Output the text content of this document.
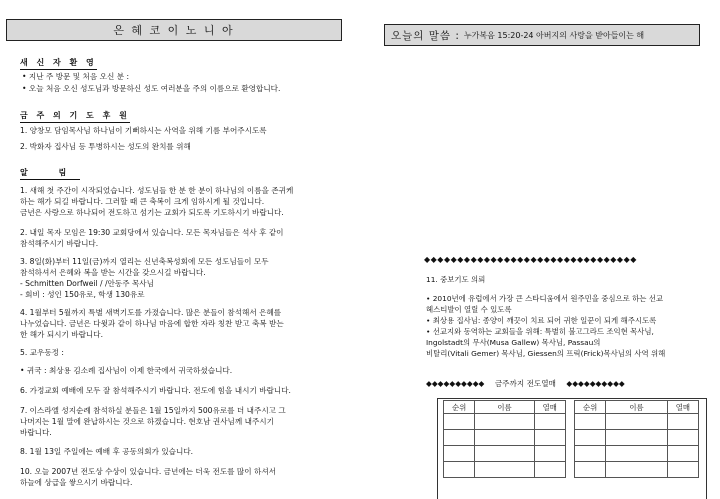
은 혜 코 이 노 니 아
새 신 자 환 영
• 지난 주 방문 및 처음 오신 분 :
• 오늘 처음 오신 성도님과 방문하신 성도 여러분을 주의 이름으로 환영합니다.
금 주 의 기 도 후 원
1. 양창모 담임목사님 하나님이 기뻐하시는 사역을 위해 기름 부어주시도록
2. 박화자 집사님 등 투병하시는 성도의 완치를 위해
알 림
1. 새해 첫 주간이 시작되었습니다. 성도님들 한 분 한 분이 하나님의 이름을 존귀케
하는 해가 되길 바랍니다. 그러할 때 큰 축복이 크게 임하시게 될 것입니다.
금년은 사랑으로 하나되어 전도하고 섬기는 교회가 되도록 기도하시기 바랍니다.
2. 내일 목자 모임은 19:30 교회당에서 있습니다. 모든 목자님들은 석사 후 같이
참석해주시기 바랍니다.
3. 8일(화)부터 11일(금)까지 열리는 신년축복성회에 모든 성도님들이 모두
참석하셔서 은혜와 복을 받는 시간을 갖으시길 바랍니다.
- Schmitten Dorfweil / /안동주 목사님
- 회비 : 성인 150유로, 학생 130유로
4. 1월부터 5월까지 특별 새벽기도를 가졌습니다. 많은 분들이 참석해서 은혜를
나누었습니다. 금년은 다윗과 같이 하나님 마음에 합한 자라 칭찬 받고 축복 받는
한 해가 되시기 바랍니다.
5. 교우동정 :
• 귀국 : 최상용 김소례 집사님이 이제 한국에서 귀국하셨습니다.
6. 가정교회 예배에 모두 잘 참석해주시기 바랍니다. 전도에 힘을 내시기 바랍니다.
7. 이스라엘 성지순례 참석하실 분들은 1월 15일까지 500유로를 더 내주시고 그
나머지는 1월 말에 완납하시는 것으로 하겠습니다. 현호남 권사님께 내주시기
바랍니다.
8. 1월 13일 주일에는 예배 후 공동의회가 있습니다.
10. 오늘 2007년 전도상 수상이 있습니다. 금년에는 더욱 전도를 많이 하셔서
하늘에 상급을 쌓으시기 바랍니다.
오늘의 말씀 : 누가복음 15:20-24 아버지의 사랑을 받아들이는 해
◆◆◆◆◆◆◆◆◆◆◆◆◆◆◆◆◆◆◆◆◆◆◆◆◆◆◆◆◆◆◆◆
11. 중보기도 의뢰
• 2010년에 유럽에서 가장 큰 스타디움에서 원주민을 중심으로 하는 선교
헤스티발이 열릴 수 있도록
• 최상용 집사님: 종양이 깨끗이 치료 되어 귀한 일꾼이 되게 해주시도록
• 선교지와 동역하는 교회들을 위해: 특별히 불고그라드 조익현 목사님,
Ingolstadt의 무사(Musa Gallew) 목사님, Passau의
비탈리(Vitali Gemer) 목사님, Giessen의 프릭(Frick)목사님의 사역 위해
◆◆◆◆◆◆◆◆◆◆ 금주까지 전도열매 ◆◆◆◆◆◆◆◆◆◆
순위	이름	열매		순위	이름	열매
